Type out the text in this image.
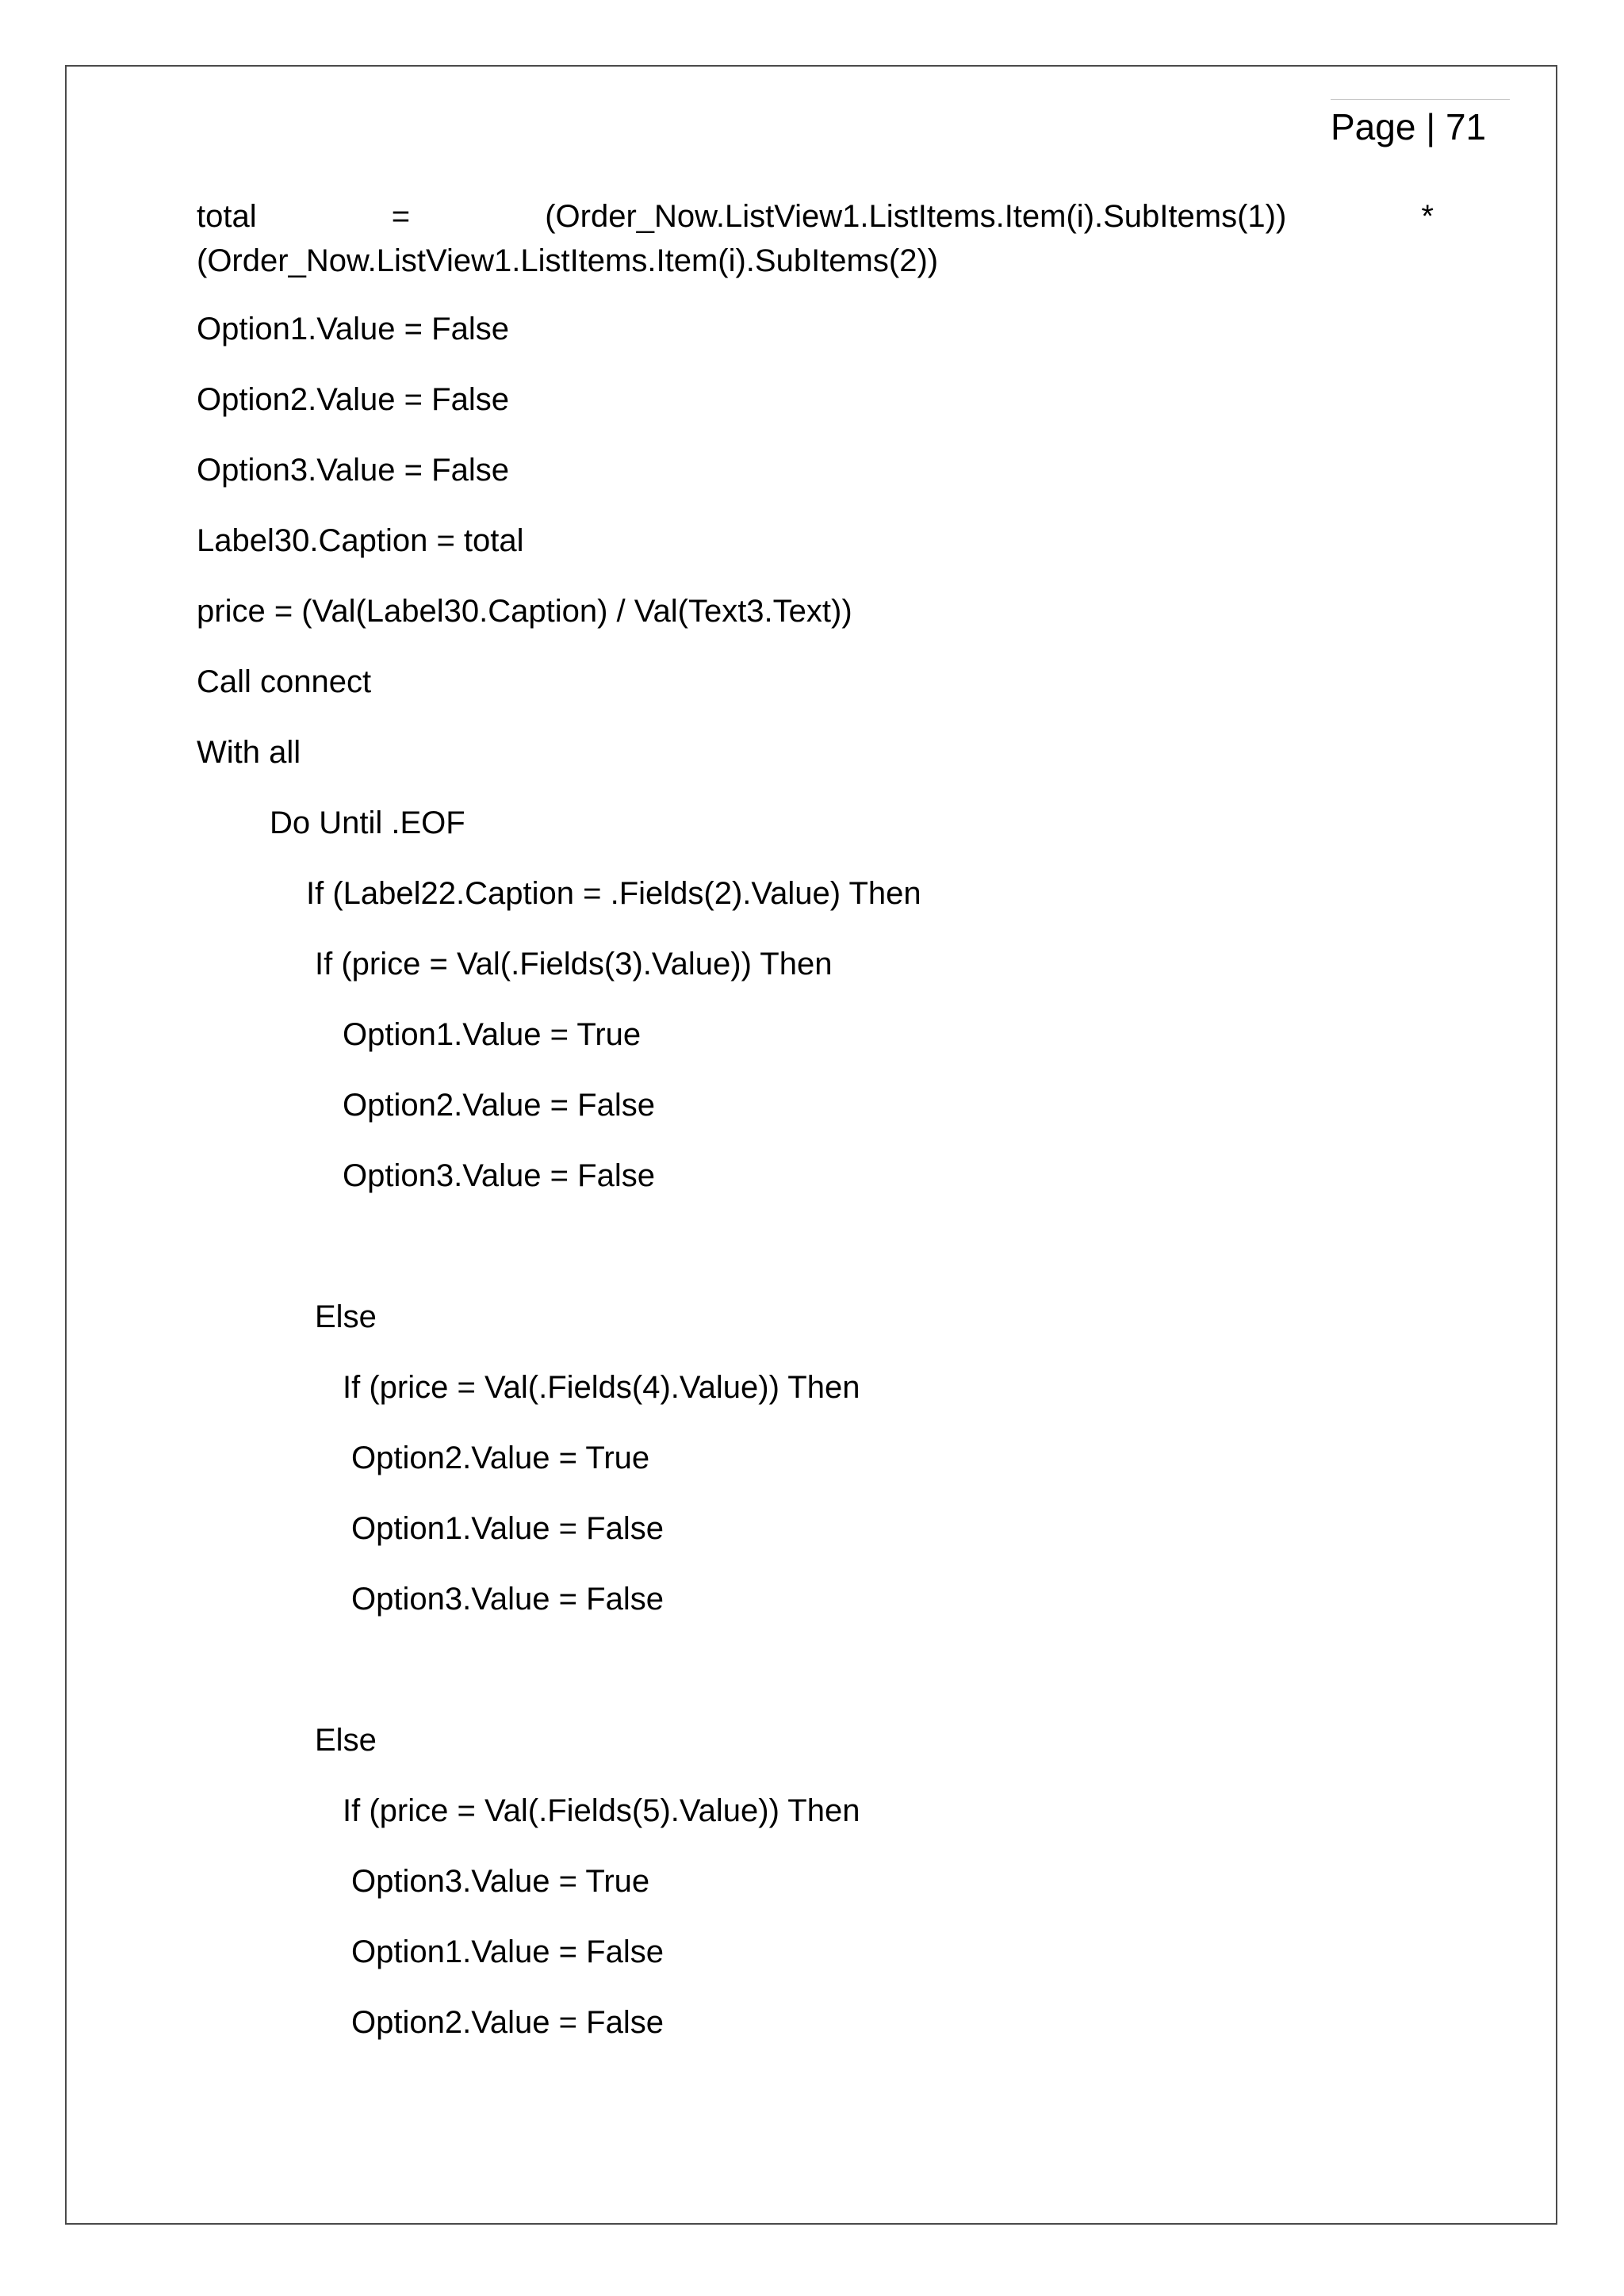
Page | 71
total	=	(Order_Now.ListView1.ListItems.Item(i).SubItems(1))	*
(Order_Now.ListView1.ListItems.Item(i).SubItems(2))
Option1.Value = False
Option2.Value = False
Option3.Value = False
Label30.Caption = total
price = (Val(Label30.Caption) / Val(Text3.Text))
Call connect
With all
Do Until .EOF
If (Label22.Caption = .Fields(2).Value) Then
If (price = Val(.Fields(3).Value)) Then
Option1.Value = True
Option2.Value = False
Option3.Value = False
Else
If (price = Val(.Fields(4).Value)) Then
Option2.Value = True
Option1.Value = False
Option3.Value = False
Else
If (price = Val(.Fields(5).Value)) Then
Option3.Value = True
Option1.Value = False
Option2.Value = False
